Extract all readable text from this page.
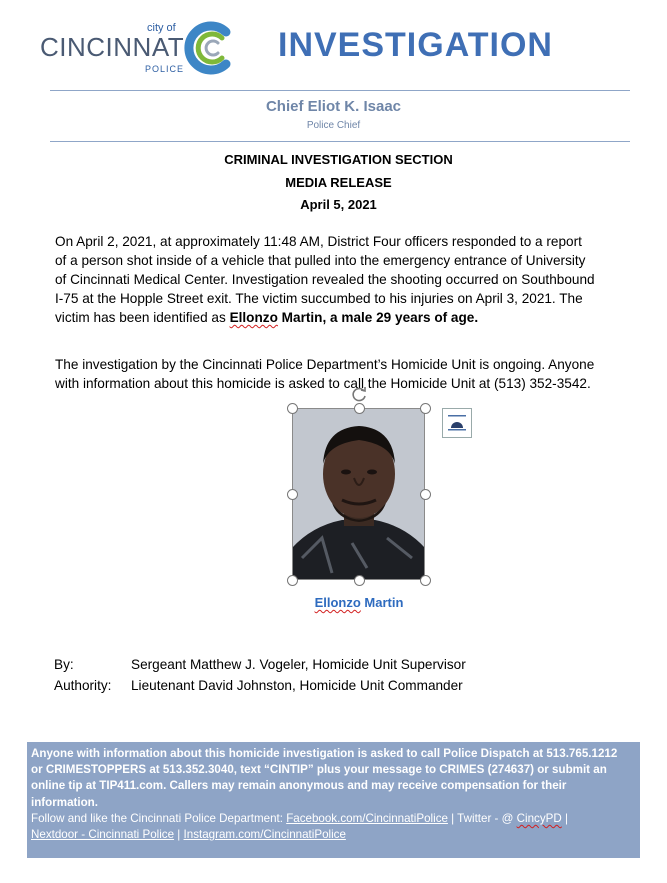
city of
CINCINNATI
POLICE
INVESTIGATION
Chief Eliot K. Isaac
Police Chief
CRIMINAL INVESTIGATION SECTION
MEDIA RELEASE
April 5, 2021
On April 2, 2021, at approximately 11:48 AM, District Four officers responded to a report
of a person shot inside of a vehicle that pulled into the emergency entrance of University
of Cincinnati Medical Center. Investigation revealed the shooting occurred on Southbound
I-75 at the Hopple Street exit. The victim succumbed to his injuries on April 3, 2021. The
victim has been identified as Ellonzo Martin, a male 29 years of age.
The investigation by the Cincinnati Police Department’s Homicide Unit is ongoing. Anyone
with information about this homicide is asked to call the Homicide Unit at (513) 352-3542.
Ellonzo Martin
By:	Sergeant Matthew J. Vogeler, Homicide Unit Supervisor
Authority: Lieutenant David Johnston, Homicide Unit Commander
Anyone with information about this homicide investigation is asked to call Police Dispatch at 513.765.1212
or CRIMESTOPPERS at 513.352.3040, text “CINTIP” plus your message to CRIMES (274637) or submit an
online tip at TIP411.com. Callers may remain anonymous and may receive compensation for their
information.
Follow and like the Cincinnati Police Department: Facebook.com/CincinnatiPolice | Twitter - @ CincyPD |
Nextdoor - Cincinnati Police | Instagram.com/CincinnatiPolice
